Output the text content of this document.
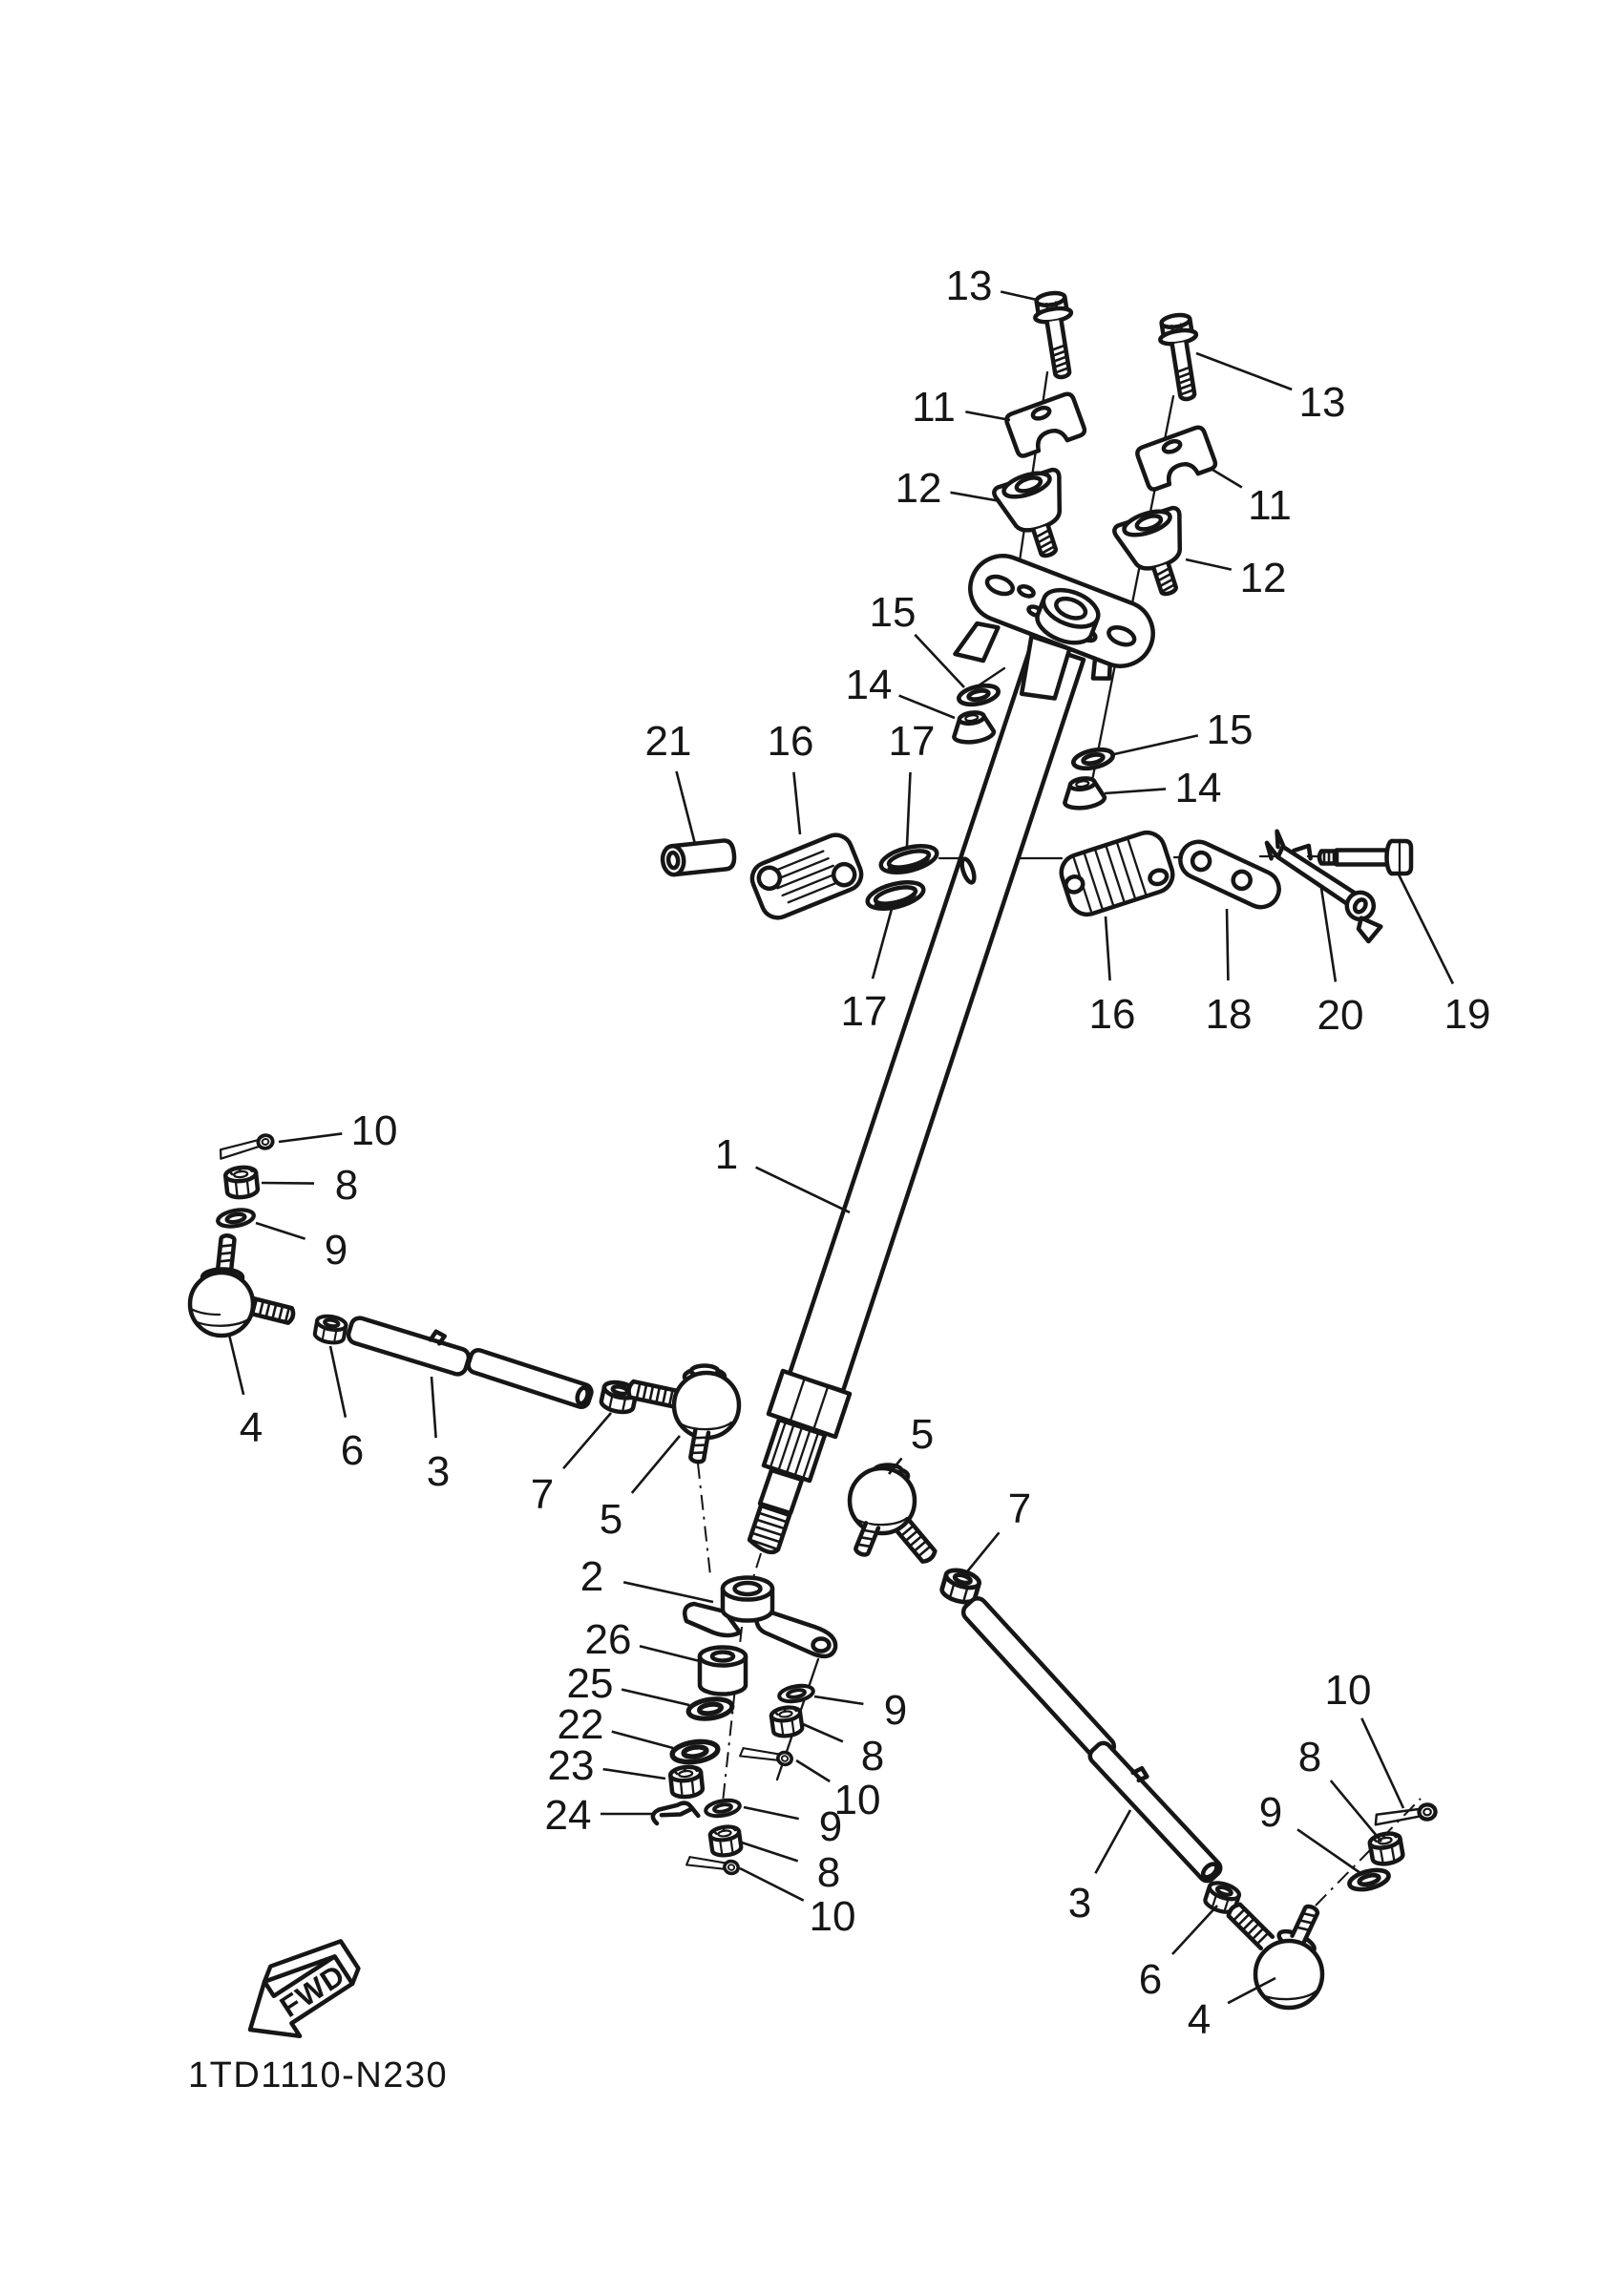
13
11
12
13
11
12
15
14
15
14
21 16 17
17	16 18 20 19
10
8
9
1
4 6 3 7
5
5
7
2
26
25
22
23
24
9
8
10
9
8
10
10
8
9
3
6
4
FWD
1TD1110-N230
